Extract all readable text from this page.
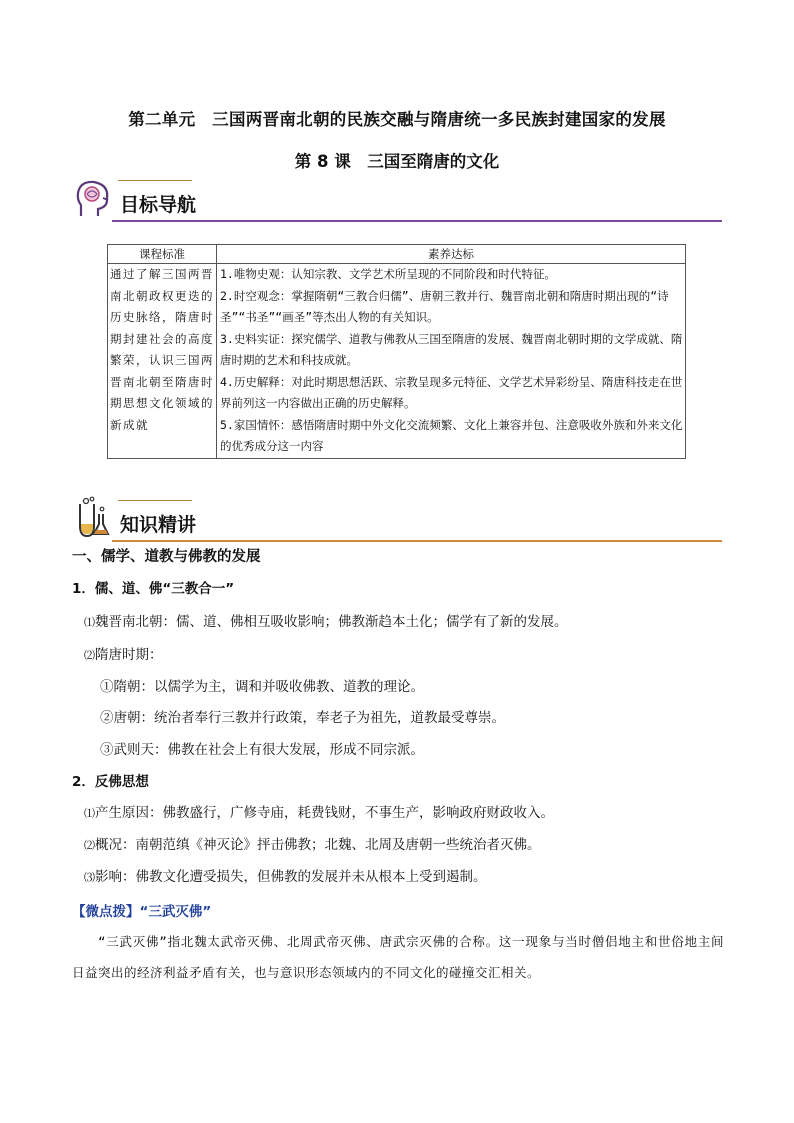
第二单元　三国两晋南北朝的民族交融与隋唐统一多民族封建国家的发展
第 8 课　三国至隋唐的文化
目标导航
课程标准	素养达标
通过了解三国两晋南北朝政权更迭的历史脉络，隋唐时期封建社会的高度繁荣，认识三国两晋南北朝至隋唐时期思想文化领域的新成就	1.唯物史观：认知宗教、文学艺术所呈现的不同阶段和时代特征。
2.时空观念：掌握隋朝“三教合归儒”、唐朝三教并行、魏晋南北朝和隋唐时期出现的“诗圣”“书圣”“画圣”等杰出人物的有关知识。
3.史料实证：探究儒学、道教与佛教从三国至隋唐的发展、魏晋南北朝时期的文学成就、隋唐时期的艺术和科技成就。
4.历史解释：对此时期思想活跃、宗教呈现多元特征、文学艺术异彩纷呈、隋唐科技走在世界前列这一内容做出正确的历史解释。
5.家国情怀：感悟隋唐时期中外文化交流频繁、文化上兼容并包、注意吸收外族和外来文化的优秀成分这一内容
知识精讲
一、儒学、道教与佛教的发展
1．儒、道、佛“三教合一”
⑴魏晋南北朝：儒、道、佛相互吸收影响；佛教渐趋本土化；儒学有了新的发展。
⑵隋唐时期：
①隋朝：以儒学为主，调和并吸收佛教、道教的理论。
②唐朝：统治者奉行三教并行政策，奉老子为祖先，道教最受尊崇。
③武则天：佛教在社会上有很大发展，形成不同宗派。
2．反佛思想
⑴产生原因：佛教盛行，广修寺庙，耗费钱财，不事生产，影响政府财政收入。
⑵概况：南朝范缜《神灭论》抨击佛教；北魏、北周及唐朝一些统治者灭佛。
⑶影响：佛教文化遭受损失，但佛教的发展并未从根本上受到遏制。
【微点拨】“三武灭佛”
“三武灭佛”指北魏太武帝灭佛、北周武帝灭佛、唐武宗灭佛的合称。这一现象与当时僧侣地主和世俗地主间日益突出的经济利益矛盾有关，也与意识形态领域内的不同文化的碰撞交汇相关。
